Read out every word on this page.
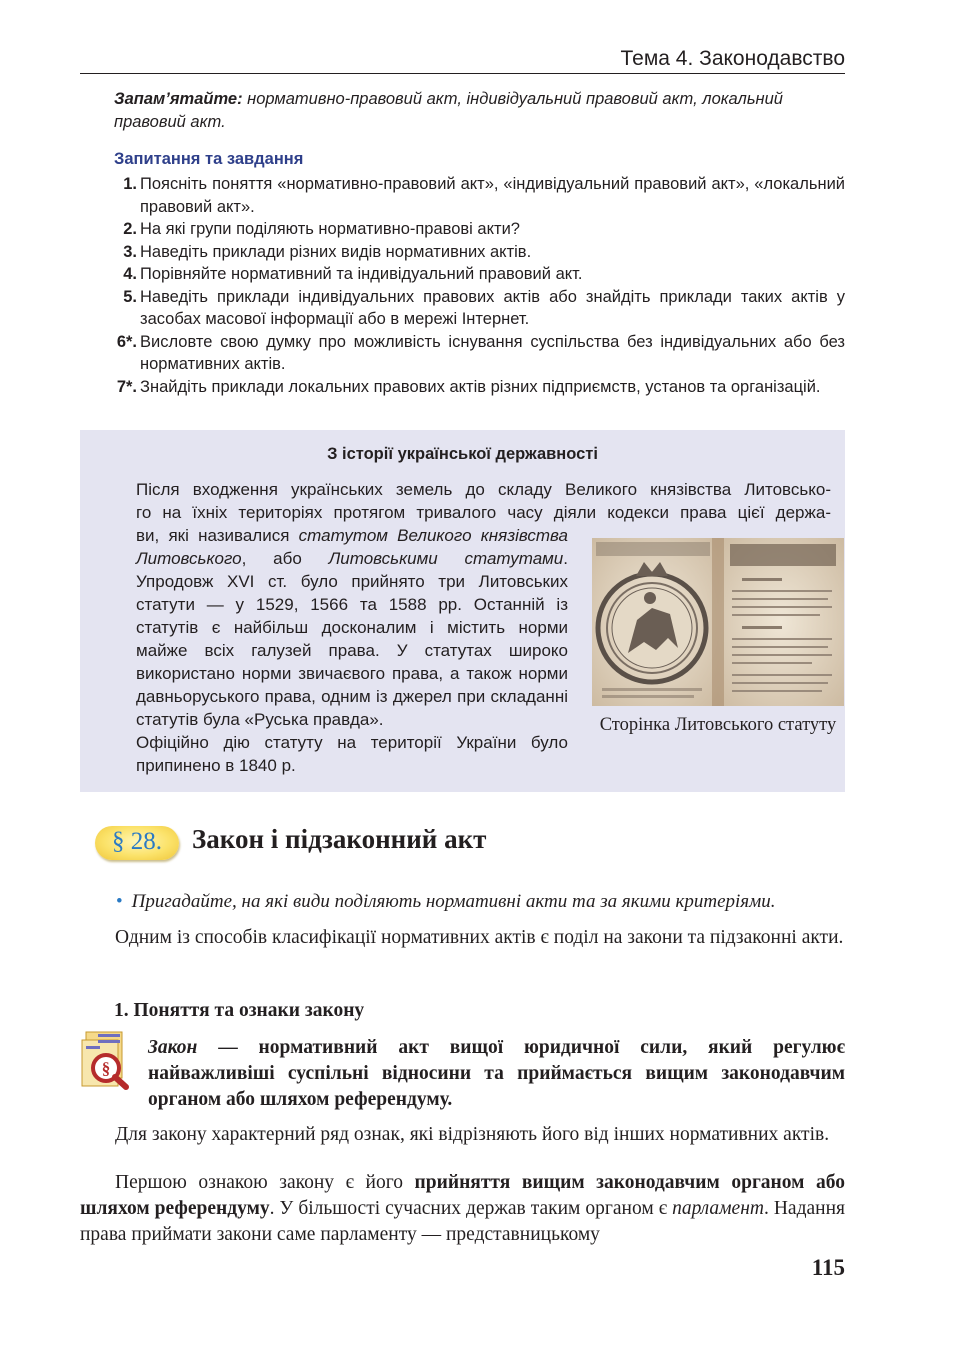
Тема 4. Законодавство
Запам’ятайте: нормативно-правовий акт, індивідуальний правовий акт, локальний правовий акт.
Запитання та завдання
1. Поясніть поняття «нормативно-правовий акт», «індивідуальний правовий акт», «локальний правовий акт».
2. На які групи поділяють нормативно-правові акти?
3. Наведіть приклади різних видів нормативних актів.
4. Порівняйте нормативний та індивідуальний правовий акт.
5. Наведіть приклади індивідуальних правових актів або знайдіть приклади таких актів у засобах масової інформації або в мережі Інтернет.
6*. Висловте свою думку про можливість існування суспільства без індивідуальних або без нормативних актів.
7*. Знайдіть приклади локальних правових актів різних підприємств, установ та організацій.
З історії української державності
Після входження українських земель до складу Великого князівства Литовсько-
го на їхніх територіях протягом тривалого часу діяли кодекси права цієї держа-

ви, які називалися статутом Великого князівства Литовського, або Литовськими статутами. Упродовж XVI ст. було прийнято три Литовських статути — у 1529, 1566 та 1588 рр. Останній із статутів є найбільш досконалим і містить норми майже всіх галузей права. У статутах широко використано норми звичаєвого права, а також норми давньоруського права, одним із джерел при складанні статутів була «Руська правда».

Офіційно дію статуту на території України було припинено в 1840 р.

Сторінка Литовського статуту
§ 28.	Закон і підзаконний акт
• Пригадайте, на які види поділяють нормативні акти та за якими критеріями.
Одним із способів класифікації нормативних актів є поділ на закони та підзаконні акти.
1. Поняття та ознаки закону
§
Закон — нормативний акт вищої юридичної сили, який регулює найважливіші суспільні відносини та приймається вищим законодавчим органом або шляхом референдуму.
Для закону характерний ряд ознак, які відрізняють його від інших нормативних актів.
Першою ознакою закону є його прийняття вищим законодавчим органом або шляхом референдуму. У більшості сучасних держав таким органом є парламент. Надання права приймати закони саме парламенту — представницькому
115
